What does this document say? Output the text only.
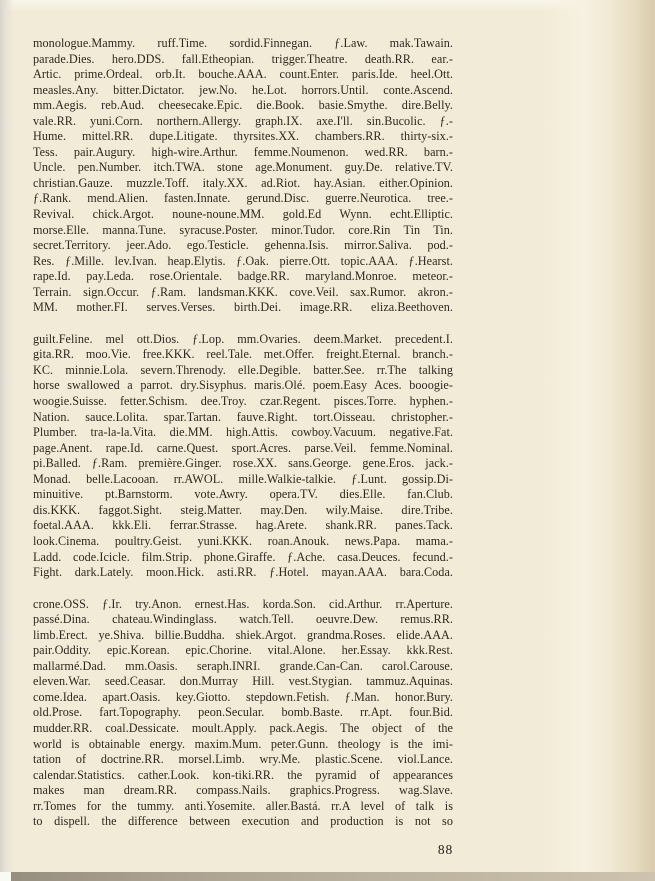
monologue.Mammy. ruff.Time. sordid.Finnegan. ƒ.Law. mak.Tawain.
parade.Dies. hero.DDS. fall.Etheopian. trigger.Theatre. death.RR. ear.-
Artic. prime.Ordeal. orb.It. bouche.AAA. count.Enter. paris.Ide. heel.Ott.
measles.Any. bitter.Dictator. jew.No. he.Lot. horrors.Until. conte.Ascend.
mm.Aegis. reb.Aud. cheesecake.Epic. die.Book. basie.Smythe. dire.Belly.
vale.RR. yuni.Corn. northern.Allergy. graph.IX. axe.I'll. sin.Bucolic. ƒ.-
Hume. mittel.RR. dupe.Litigate. thyrsites.XX. chambers.RR. thirty-six.-
Tess. pair.Augury. high-wire.Arthur. femme.Noumenon. wed.RR. barn.-
Uncle. pen.Number. itch.TWA. stone age.Monument. guy.De. relative.TV.
christian.Gauze. muzzle.Toff. italy.XX. ad.Riot. hay.Asian. either.Opinion.
ƒ.Rank. mend.Alien. fasten.Innate. gerund.Disc. guerre.Neurotica. tree.-
Revival. chick.Argot. noune-noune.MM. gold.Ed Wynn. echt.Elliptic.
morse.Elle. manna.Tune. syracuse.Poster. minor.Tudor. core.Rin Tin Tin.
secret.Territory. jeer.Ado. ego.Testicle. gehenna.Isis. mirror.Saliva. pod.-
Res. ƒ.Mille. lev.Ivan. heap.Elytis. ƒ.Oak. pierre.Ott. topic.AAA. ƒ.Hearst.
rape.Id. pay.Leda. rose.Orientale. badge.RR. maryland.Monroe. meteor.-
Terrain. sign.Occur. ƒ.Ram. landsman.KKK. cove.Veil. sax.Rumor. akron.-
MM. mother.FI. serves.Verses. birth.Dei. image.RR. eliza.Beethoven.
guilt.Feline. mel ott.Dios. ƒ.Lop. mm.Ovaries. deem.Market. precedent.I.
gita.RR. moo.Vie. free.KKK. reel.Tale. met.Offer. freight.Eternal. branch.-
KC. minnie.Lola. severn.Threnody. elle.Degible. batter.See. rr.The talking
horse swallowed a parrot. dry.Sisyphus. maris.Olé. poem.Easy Aces. booogie-
woogie.Suisse. fetter.Schism. dee.Troy. czar.Regent. pisces.Torre. hyphen.-
Nation. sauce.Lolita. spar.Tartan. fauve.Right. tort.Oisseau. christopher.-
Plumber. tra-la-la.Vita. die.MM. high.Attis. cowboy.Vacuum. negative.Fat.
page.Anent. rape.Id. carne.Quest. sport.Acres. parse.Veil. femme.Nominal.
pi.Balled. ƒ.Ram. première.Ginger. rose.XX. sans.George. gene.Eros. jack.-
Monad. belle.Lacooan. rr.AWOL. mille.Walkie-talkie. ƒ.Lunt. gossip.Di-
minuitive. pt.Barnstorm. vote.Awry. opera.TV. dies.Elle. fan.Club.
dis.KKK. faggot.Sight. steig.Matter. may.Den. wily.Maise. dire.Tribe.
foetal.AAA. kkk.Eli. ferrar.Strasse. hag.Arete. shank.RR. panes.Tack.
look.Cinema. poultry.Geist. yuni.KKK. roan.Anouk. news.Papa. mama.-
Ladd. code.Icicle. film.Strip. phone.Giraffe. ƒ.Ache. casa.Deuces. fecund.-
Fight. dark.Lately. moon.Hick. asti.RR. ƒ.Hotel. mayan.AAA. bara.Coda.
crone.OSS. ƒ.Ir. try.Anon. ernest.Has. korda.Son. cid.Arthur. rr.Aperture.
passé.Dina. chateau.Windinglass. watch.Tell. oeuvre.Dew. remus.RR.
limb.Erect. ye.Shiva. billie.Buddha. shiek.Argot. grandma.Roses. elide.AAA.
pair.Oddity. epic.Korean. epic.Chorine. vital.Alone. her.Essay. kkk.Rest.
mallarmé.Dad. mm.Oasis. seraph.INRI. grande.Can-Can. carol.Carouse.
eleven.War. seed.Ceasar. don.Murray Hill. vest.Stygian. tammuz.Aquinas.
come.Idea. apart.Oasis. key.Giotto. stepdown.Fetish. ƒ.Man. honor.Bury.
old.Prose. fart.Topography. peon.Secular. bomb.Baste. rr.Apt. four.Bid.
mudder.RR. coal.Dessicate. moult.Apply. pack.Aegis. The object of the
world is obtainable energy. maxim.Mum. peter.Gunn. theology is the imi-
tation of doctrine.RR. morsel.Limb. wry.Me. plastic.Scene. viol.Lance.
calendar.Statistics. cather.Look. kon-tiki.RR. the pyramid of appearances
makes man dream.RR. compass.Nails. graphics.Progress. wag.Slave.
rr.Tomes for the tummy. anti.Yosemite. aller.Bastá. rr.A level of talk is
to dispell. the difference between execution and production is not so
88
